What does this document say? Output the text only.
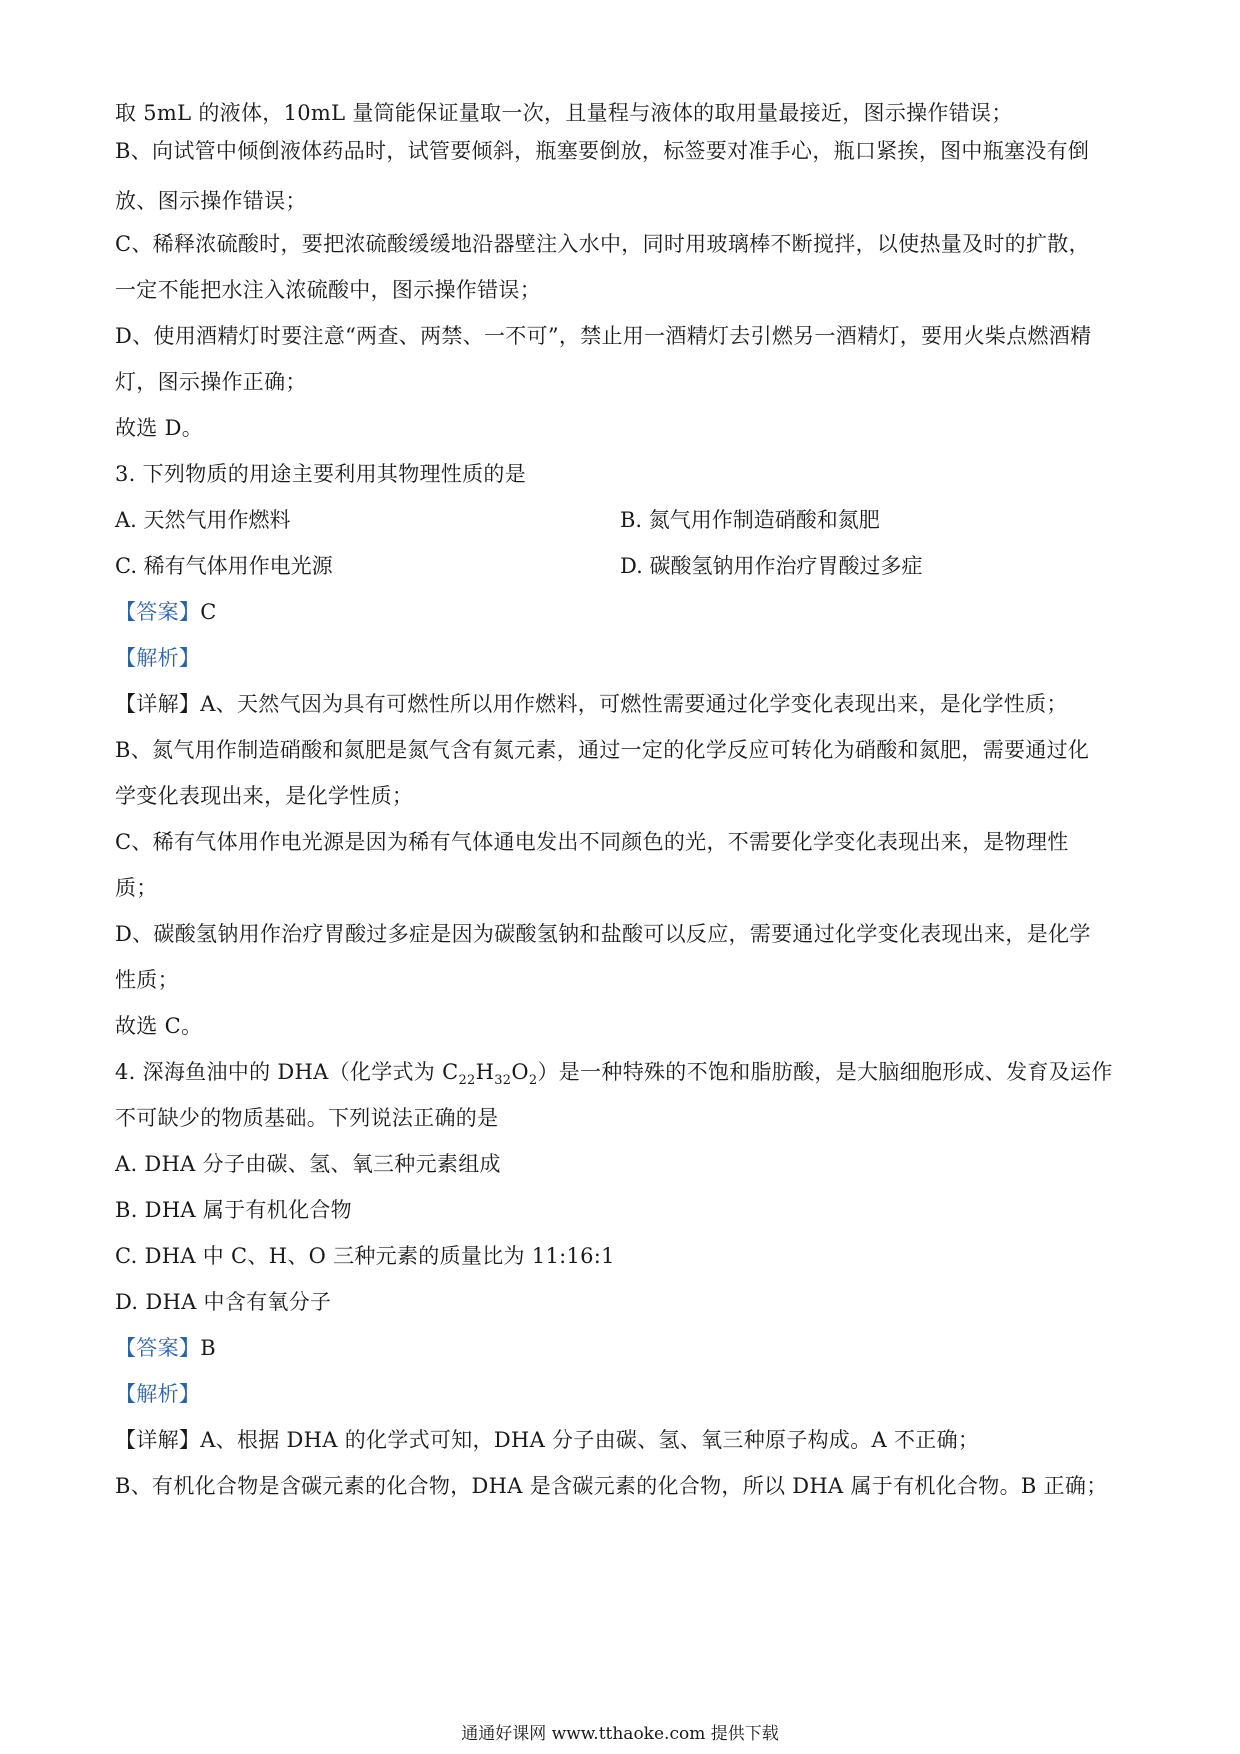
取 5mL 的液体，10mL 量筒能保证量取一次，且量程与液体的取用量最接近，图示操作错误；
B、向试管中倾倒液体药品时，试管要倾斜，瓶塞要倒放，标签要对准手心，瓶口紧挨，图中瓶塞没有倒
放、图示操作错误；
C、稀释浓硫酸时，要把浓硫酸缓缓地沿器壁注入水中，同时用玻璃棒不断搅拌，以使热量及时的扩散，
一定不能把水注入浓硫酸中，图示操作错误；
D、使用酒精灯时要注意“两查、两禁、一不可”，禁止用一酒精灯去引燃另一酒精灯，要用火柴点燃酒精
灯，图示操作正确；
故选 D。
3. 下列物质的用途主要利用其物理性质的是
A. 天然气用作燃料	B. 氮气用作制造硝酸和氮肥
C. 稀有气体用作电光源	D. 碳酸氢钠用作治疗胃酸过多症
【答案】C
【解析】
【详解】A、天然气因为具有可燃性所以用作燃料，可燃性需要通过化学变化表现出来，是化学性质；
B、氮气用作制造硝酸和氮肥是氮气含有氮元素，通过一定的化学反应可转化为硝酸和氮肥，需要通过化
学变化表现出来，是化学性质；
C、稀有气体用作电光源是因为稀有气体通电发出不同颜色的光，不需要化学变化表现出来，是物理性
质；
D、碳酸氢钠用作治疗胃酸过多症是因为碳酸氢钠和盐酸可以反应，需要通过化学变化表现出来，是化学
性质；
故选 C。
4. 深海鱼油中的 DHA（化学式为 $C_{22}H_{32}O_2$）是一种特殊的不饱和脂肪酸，是大脑细胞形成、发育及运作
不可缺少的物质基础。下列说法正确的是
A. DHA 分子由碳、氢、氧三种元素组成
B. DHA 属于有机化合物
C. DHA 中 C、H、O 三种元素的质量比为 11:16:1
D. DHA 中含有氧分子
【答案】B
【解析】
【详解】A、根据 DHA 的化学式可知，DHA 分子由碳、氢、氧三种原子构成。A 不正确；
B、有机化合物是含碳元素的化合物，DHA 是含碳元素的化合物，所以 DHA 属于有机化合物。B 正确；
通通好课网 www.tthaoke.com 提供下载
